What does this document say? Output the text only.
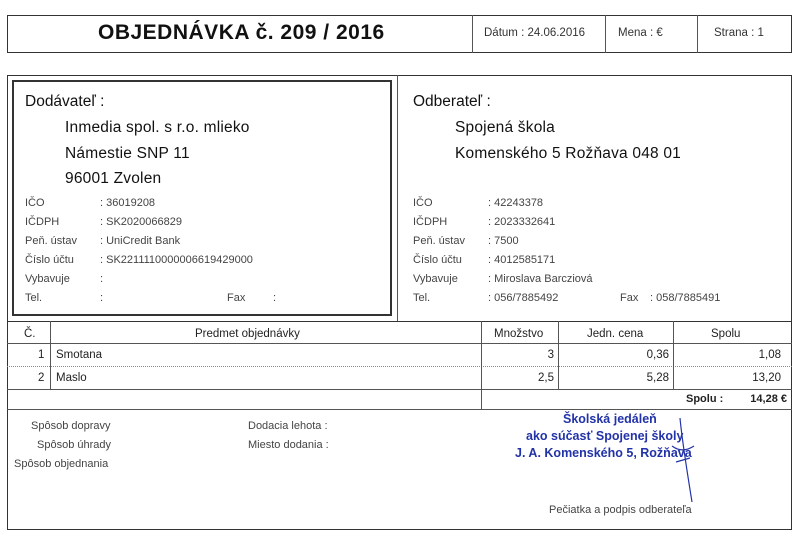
OBJEDNÁVKA č. 209 / 2016	Dátum : 24.06.2016	Mena : €	Strana : 1
Dodávateľ :
Inmedia spol. s r.o. mlieko
Námestie SNP 11
96001 Zvolen
IČO	: 36019208
IČDPH	: SK2020066829
Peň. ústav : UniCredit Bank
Číslo účtu : SK2211110000006619429000
Vybavuje	:
Tel.	:	Fax	:
Odberateľ :
Spojená škola
Komenského 5 Rožňava 048 01
IČO	: 42243378
IČDPH	: 2023332641
Peň. ústav : 7500
Číslo účtu : 4012585171
Vybavuje	: Miroslava Barcziová
Tel.	: 056/7885492	Fax : 058/7885491
Č.	Predmet objednávky	Množstvo	Jedn. cena	Spolu
1 Smotana	3	0,36	1,08
2 Maslo	2,5	5,28	13,20
Spolu : 14,28 €
Spôsob dopravy
Spôsob úhrady
Spôsob objednania
Dodacia lehota :
Miesto dodania :
Pečiatka a podpis odberateľa
Školská jedáleň
ako súčasť Spojenej školy
J. A. Komenského 5, Rožňava
